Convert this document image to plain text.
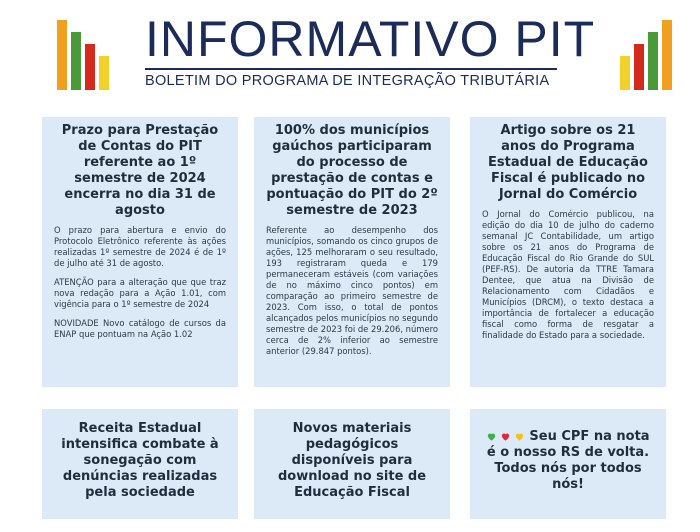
INFORMATIVO PIT
BOLETIM DO PROGRAMA DE INTEGRAÇÃO TRIBUTÁRIA
Prazo para Prestação de Contas do PIT referente ao 1º semestre de 2024 encerra no dia 31 de agosto

O prazo para abertura e envio do Protocolo Eletrônico referente às ações realizadas 1º semestre de 2024 é de 1º de julho até 31 de agosto.

ATENÇÃO para a alteração que que traz nova redação para a Ação 1.01, com vigência para o 1º semestre de 2024

NOVIDADE Novo catálogo de cursos da ENAP que pontuam na Ação 1.02

100% dos municípios gaúchos participaram do processo de prestação de contas e pontuação do PIT do 2º semestre de 2023

Referente ao desempenho dos municípios, somando os cinco grupos de ações, 125 melhoraram o seu resultado, 193 registraram queda e 179 permaneceram estáveis (com variações de no máximo cinco pontos) em comparação ao primeiro semestre de 2023. Com isso, o total de pontos alcançados pelos municípios no segundo semestre de 2023 foi de 29.206, número cerca de 2% inferior ao semestre anterior (29.847 pontos).

Artigo sobre os 21 anos do Programa Estadual de Educação Fiscal é publicado no Jornal do Comércio

O Jornal do Comércio publicou, na edição do dia 10 de julho do caderno semanal JC Contabilidade, um artigo sobre os 21 anos do Programa de Educação Fiscal do Rio Grande do SUL (PEF-RS). De autoria da TTRE Tamara Dentee, que atua na Divisão de Relacionamento com Cidadãos e Municípios (DRCM), o texto destaca a importância de fortalecer a educação fiscal como forma de resgatar a finalidade do Estado para a sociedade.

Receita Estadual intensifica combate à sonegação com denúncias realizadas pela sociedade
Novos materiais pedagógicos disponíveis para download no site de Educação Fiscal
Seu CPF na nota é o nosso RS de volta. Todos nós por todos nós!
